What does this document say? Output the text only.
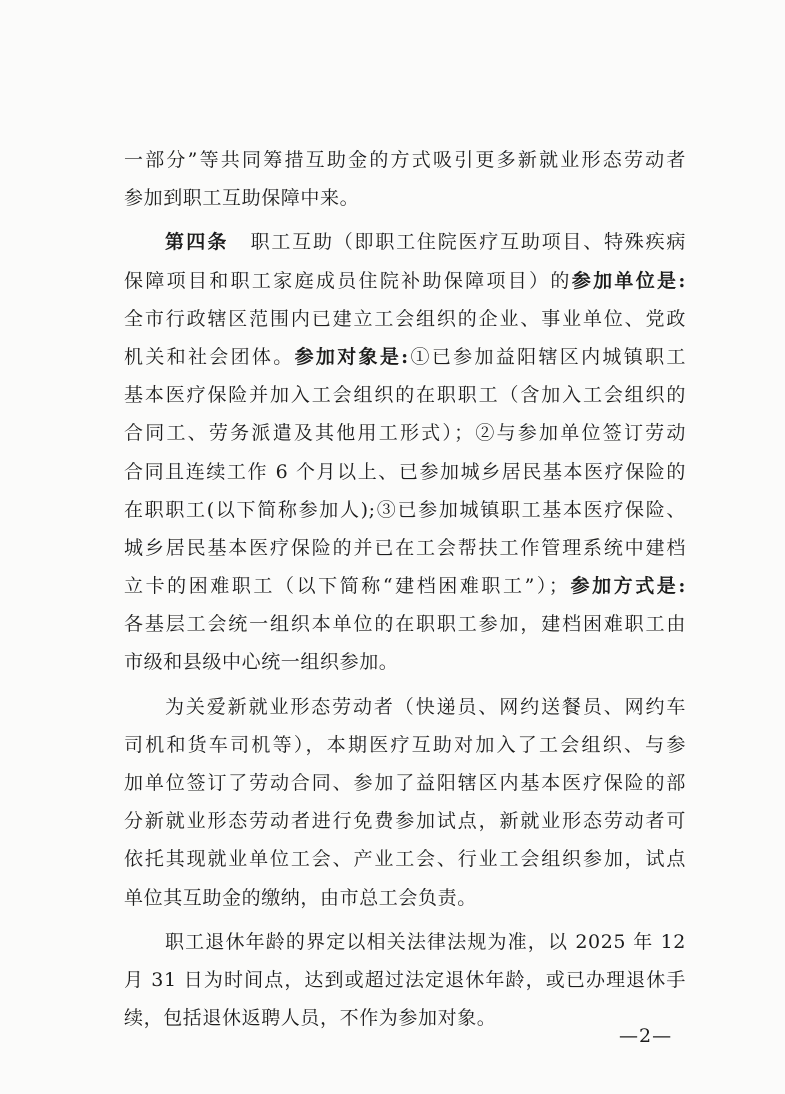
一部分”等共同筹措互助金的方式吸引更多新就业形态劳动者
参加到职工互助保障中来。
第四条 职工互助（即职工住院医疗互助项目、特殊疾病
保障项目和职工家庭成员住院补助保障项目）的参加单位是:
全市行政辖区范围内已建立工会组织的企业、事业单位、党政
机关和社会团体。参加对象是:①已参加益阳辖区内城镇职工
基本医疗保险并加入工会组织的在职职工（含加入工会组织的
合同工、劳务派遣及其他用工形式）；②与参加单位签订劳动
合同且连续工作 6 个月以上、已参加城乡居民基本医疗保险的
在职职工(以下简称参加人);③已参加城镇职工基本医疗保险、
城乡居民基本医疗保险的并已在工会帮扶工作管理系统中建档
立卡的困难职工（以下简称“建档困难职工”）；参加方式是:
各基层工会统一组织本单位的在职职工参加，建档困难职工由
市级和县级中心统一组织参加。
为关爱新就业形态劳动者（快递员、网约送餐员、网约车
司机和货车司机等），本期医疗互助对加入了工会组织、与参
加单位签订了劳动合同、参加了益阳辖区内基本医疗保险的部
分新就业形态劳动者进行免费参加试点，新就业形态劳动者可
依托其现就业单位工会、产业工会、行业工会组织参加，试点
单位其互助金的缴纳，由市总工会负责。
职工退休年龄的界定以相关法律法规为准，以 2025 年 12
月 31 日为时间点，达到或超过法定退休年龄，或已办理退休手
续，包括退休返聘人员，不作为参加对象。
—2—
